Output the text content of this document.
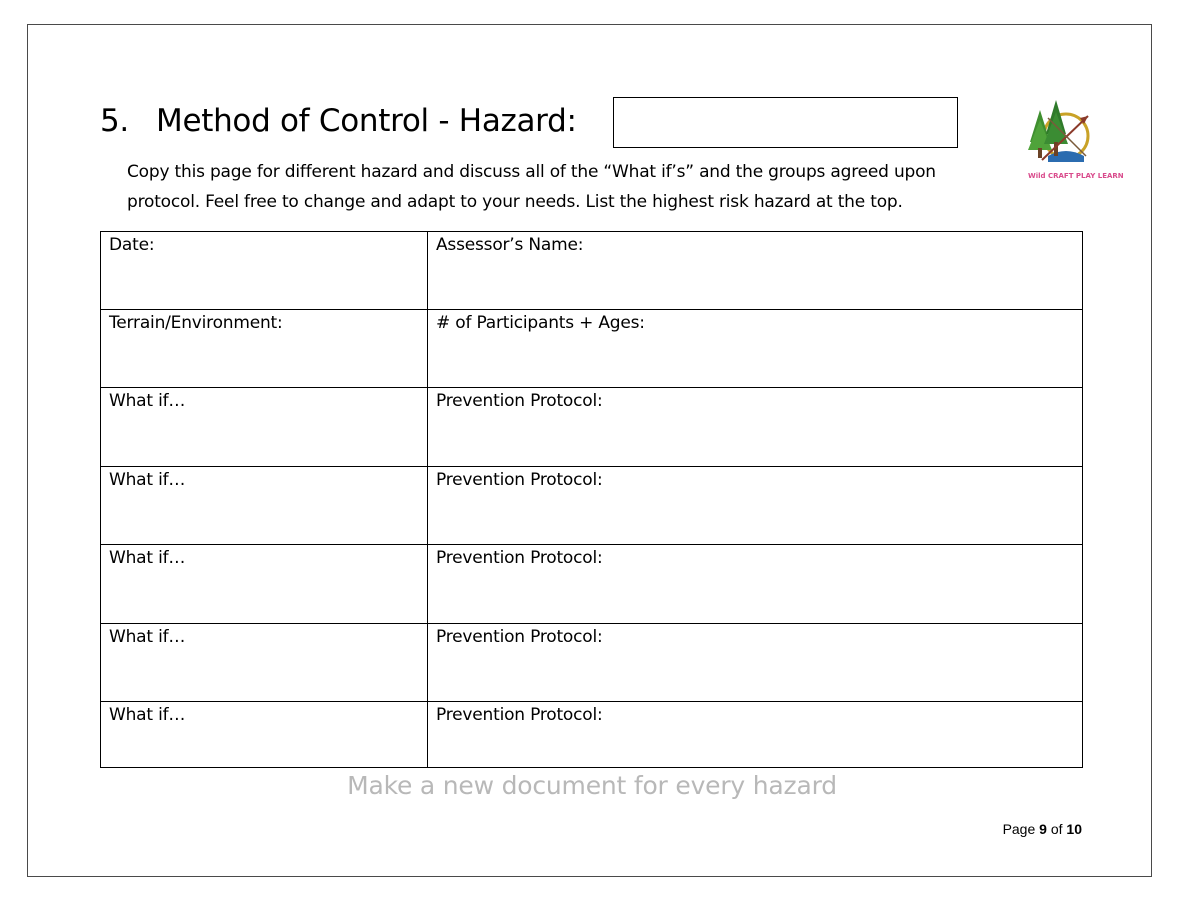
5. Method of Control - Hazard:
Wild CRAFT PLAY LEARN
Copy this page for different hazard and discuss all of the “What if’s” and the groups agreed upon
protocol. Feel free to change and adapt to your needs. List the highest risk hazard at the top.
Date:	Assessor’s Name:
Terrain/Environment:	# of Participants + Ages:
What if…	Prevention Protocol:
What if…	Prevention Protocol:
What if…	Prevention Protocol:
What if…	Prevention Protocol:
What if…	Prevention Protocol:
Make a new document for every hazard
Page 9 of 10
